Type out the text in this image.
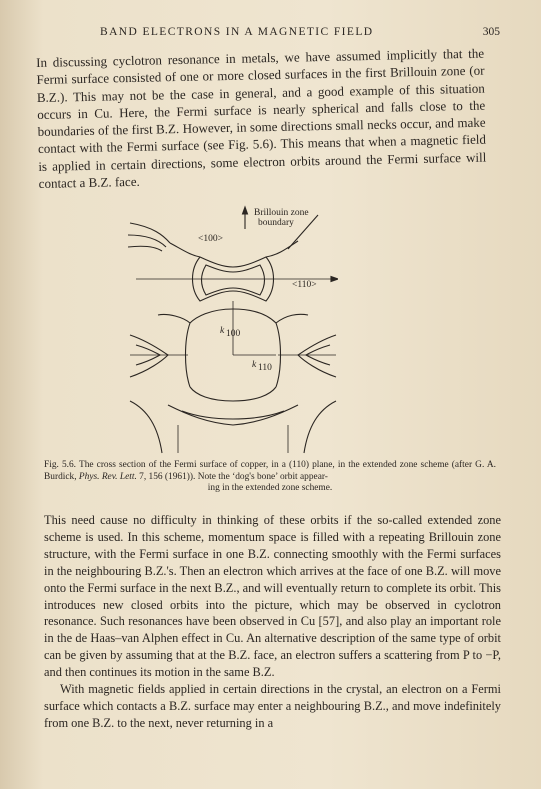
BAND ELECTRONS IN A MAGNETIC FIELD	305
In discussing cyclotron resonance in metals, we have assumed implicitly that the Fermi surface consisted of one or more closed surfaces in the first Brillouin zone (or B.Z.). This may not be the case in general, and a good example of this situation occurs in Cu. Here, the Fermi surface is nearly spherical and falls close to the boundaries of the first B.Z. However, in some directions small necks occur, and make contact with the Fermi surface (see Fig. 5.6). This means that when a magnetic field is applied in certain directions, some electron orbits around the Fermi surface will contact a B.Z. face.
Brillouin zone
boundary
<100>
<110>
k 100
k 110
Fig. 5.6. The cross section of the Fermi surface of copper, in a (110) plane, in the extended zone scheme (after G. A. Burdick, Phys. Rev. Lett. 7, 156 (1961)). Note the ‘dog's bone’ orbit appear-
ing in the extended zone scheme.

This need cause no difficulty in thinking of these orbits if the so-called extended zone scheme is used. In this scheme, momentum space is filled with a repeating Brillouin zone structure, with the Fermi surface in one B.Z. connecting smoothly with the Fermi surfaces in the neighbouring B.Z.'s. Then an electron which arrives at the face of one B.Z. will move onto the Fermi surface in the next B.Z., and will eventually return to complete its orbit. This introduces new closed orbits into the picture, which may be observed in cyclotron resonance. Such resonances have been observed in Cu [57], and also play an important role in the de Haas–van Alphen effect in Cu. An alternative description of the same type of orbit can be given by assuming that at the B.Z. face, an electron suffers a scattering from P to −P, and then continues its motion in the same B.Z.

With magnetic fields applied in certain directions in the crystal, an electron on a Fermi surface which contacts a B.Z. surface may enter a neighbouring B.Z., and move indefinitely from one B.Z. to the next, never returning in a
